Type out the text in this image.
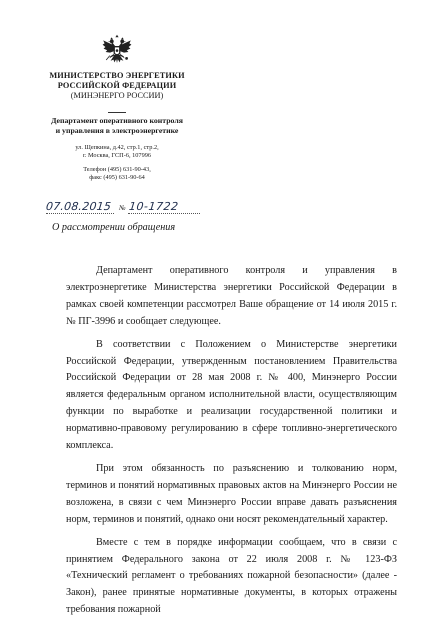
МИНИСТЕРСТВО ЭНЕРГЕТИКИ
РОССИЙСКОЙ ФЕДЕРАЦИИ
(МИНЭНЕРГО РОССИИ)
Департамент оперативного контроля
и управления в электроэнергетике
ул. Щепкина, д.42, стр.1, стр.2,
г. Москва, ГСП-6, 107996
Телефон (495) 631-90-43,
факс (495) 631-90-64
07.08.2015 № 10-1722
О рассмотрении обращения

Департамент оперативного контроля и управления в электроэнергетике Министерства энергетики Российской Федерации в рамках своей компетенции рассмотрел Ваше обращение от 14 июля 2015 г. № ПГ-3996 и сообщает следующее.

В соответствии с Положением о Министерстве энергетики Российской Федерации, утвержденным постановлением Правительства Российской Федерации от 28 мая 2008 г. № 400, Минэнерго России является федеральным органом исполнительной власти, осуществляющим функции по выработке и реализации государственной политики и нормативно-правовому регулированию в сфере топливно-энергетического комплекса.

При этом обязанность по разъяснению и толкованию норм, терминов и понятий нормативных правовых актов на Минэнерго России не возложена, в связи с чем Минэнерго России вправе давать разъяснения норм, терминов и понятий, однако они носят рекомендательный характер.

Вместе с тем в порядке информации сообщаем, что в связи с принятием Федерального закона от 22 июля 2008 г. № 123-ФЗ «Технический регламент о требованиях пожарной безопасности» (далее - Закон), ранее принятые нормативные документы, в которых отражены требования пожарной
